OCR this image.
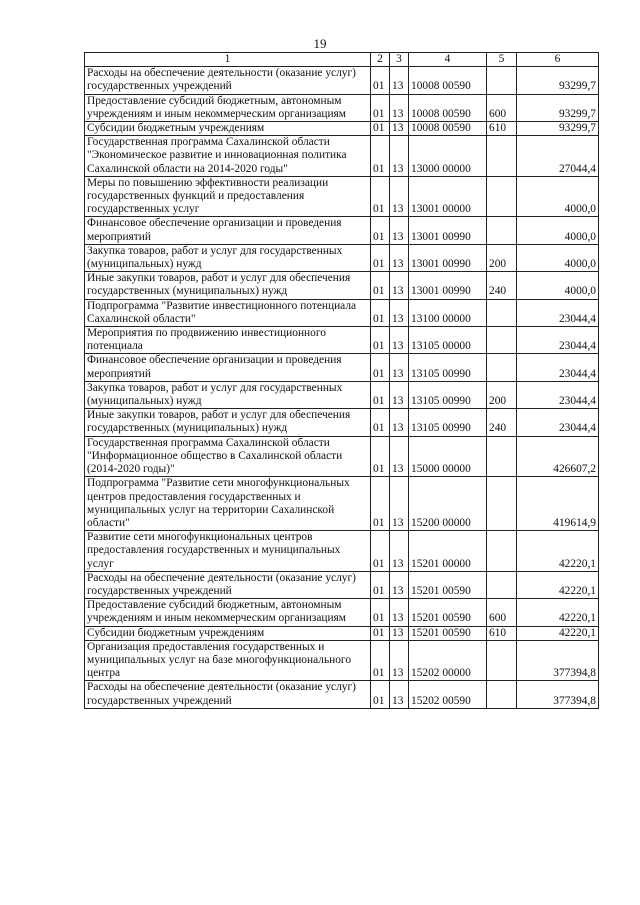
19
1	2	3	4	5	6
Расходы на обеспечение деятельности (оказание услуг) государственных учреждений	01	13	10008 00590		93299,7
Предоставление субсидий бюджетным, автономным учреждениям и иным некоммерческим организациям	01	13	10008 00590	600	93299,7
Субсидии бюджетным учреждениям	01	13	10008 00590	610	93299,7
Государственная программа Сахалинской области "Экономическое развитие и инновационная политика Сахалинской области на 2014-2020 годы"	01	13	13000 00000		27044,4
Меры по повышению эффективности реализации государственных функций и предоставления государственных услуг	01	13	13001 00000		4000,0
Финансовое обеспечение организации и проведения мероприятий	01	13	13001 00990		4000,0
Закупка товаров, работ и услуг для государственных (муниципальных) нужд	01	13	13001 00990	200	4000,0
Иные закупки товаров, работ и услуг для обеспечения государственных (муниципальных) нужд	01	13	13001 00990	240	4000,0
Подпрограмма "Развитие инвестиционного потенциала Сахалинской области"	01	13	13100 00000		23044,4
Мероприятия по продвижению инвестиционного потенциала	01	13	13105 00000		23044,4
Финансовое обеспечение организации и проведения мероприятий	01	13	13105 00990		23044,4
Закупка товаров, работ и услуг для государственных (муниципальных) нужд	01	13	13105 00990	200	23044,4
Иные закупки товаров, работ и услуг для обеспечения государственных (муниципальных) нужд	01	13	13105 00990	240	23044,4
Государственная программа Сахалинской области "Информационное общество в Сахалинской области (2014-2020 годы)"	01	13	15000 00000		426607,2
Подпрограмма "Развитие сети многофункциональных центров предоставления государственных и муниципальных услуг на территории Сахалинской области"	01	13	15200 00000		419614,9
Развитие сети многофункциональных центров предоставления государственных и муниципальных услуг	01	13	15201 00000		42220,1
Расходы на обеспечение деятельности (оказание услуг) государственных учреждений	01	13	15201 00590		42220,1
Предоставление субсидий бюджетным, автономным учреждениям и иным некоммерческим организациям	01	13	15201 00590	600	42220,1
Субсидии бюджетным учреждениям	01	13	15201 00590	610	42220,1
Организация предоставления государственных и муниципальных услуг на базе многофункционального центра	01	13	15202 00000		377394,8
Расходы на обеспечение деятельности (оказание услуг) государственных учреждений	01	13	15202 00590		377394,8
